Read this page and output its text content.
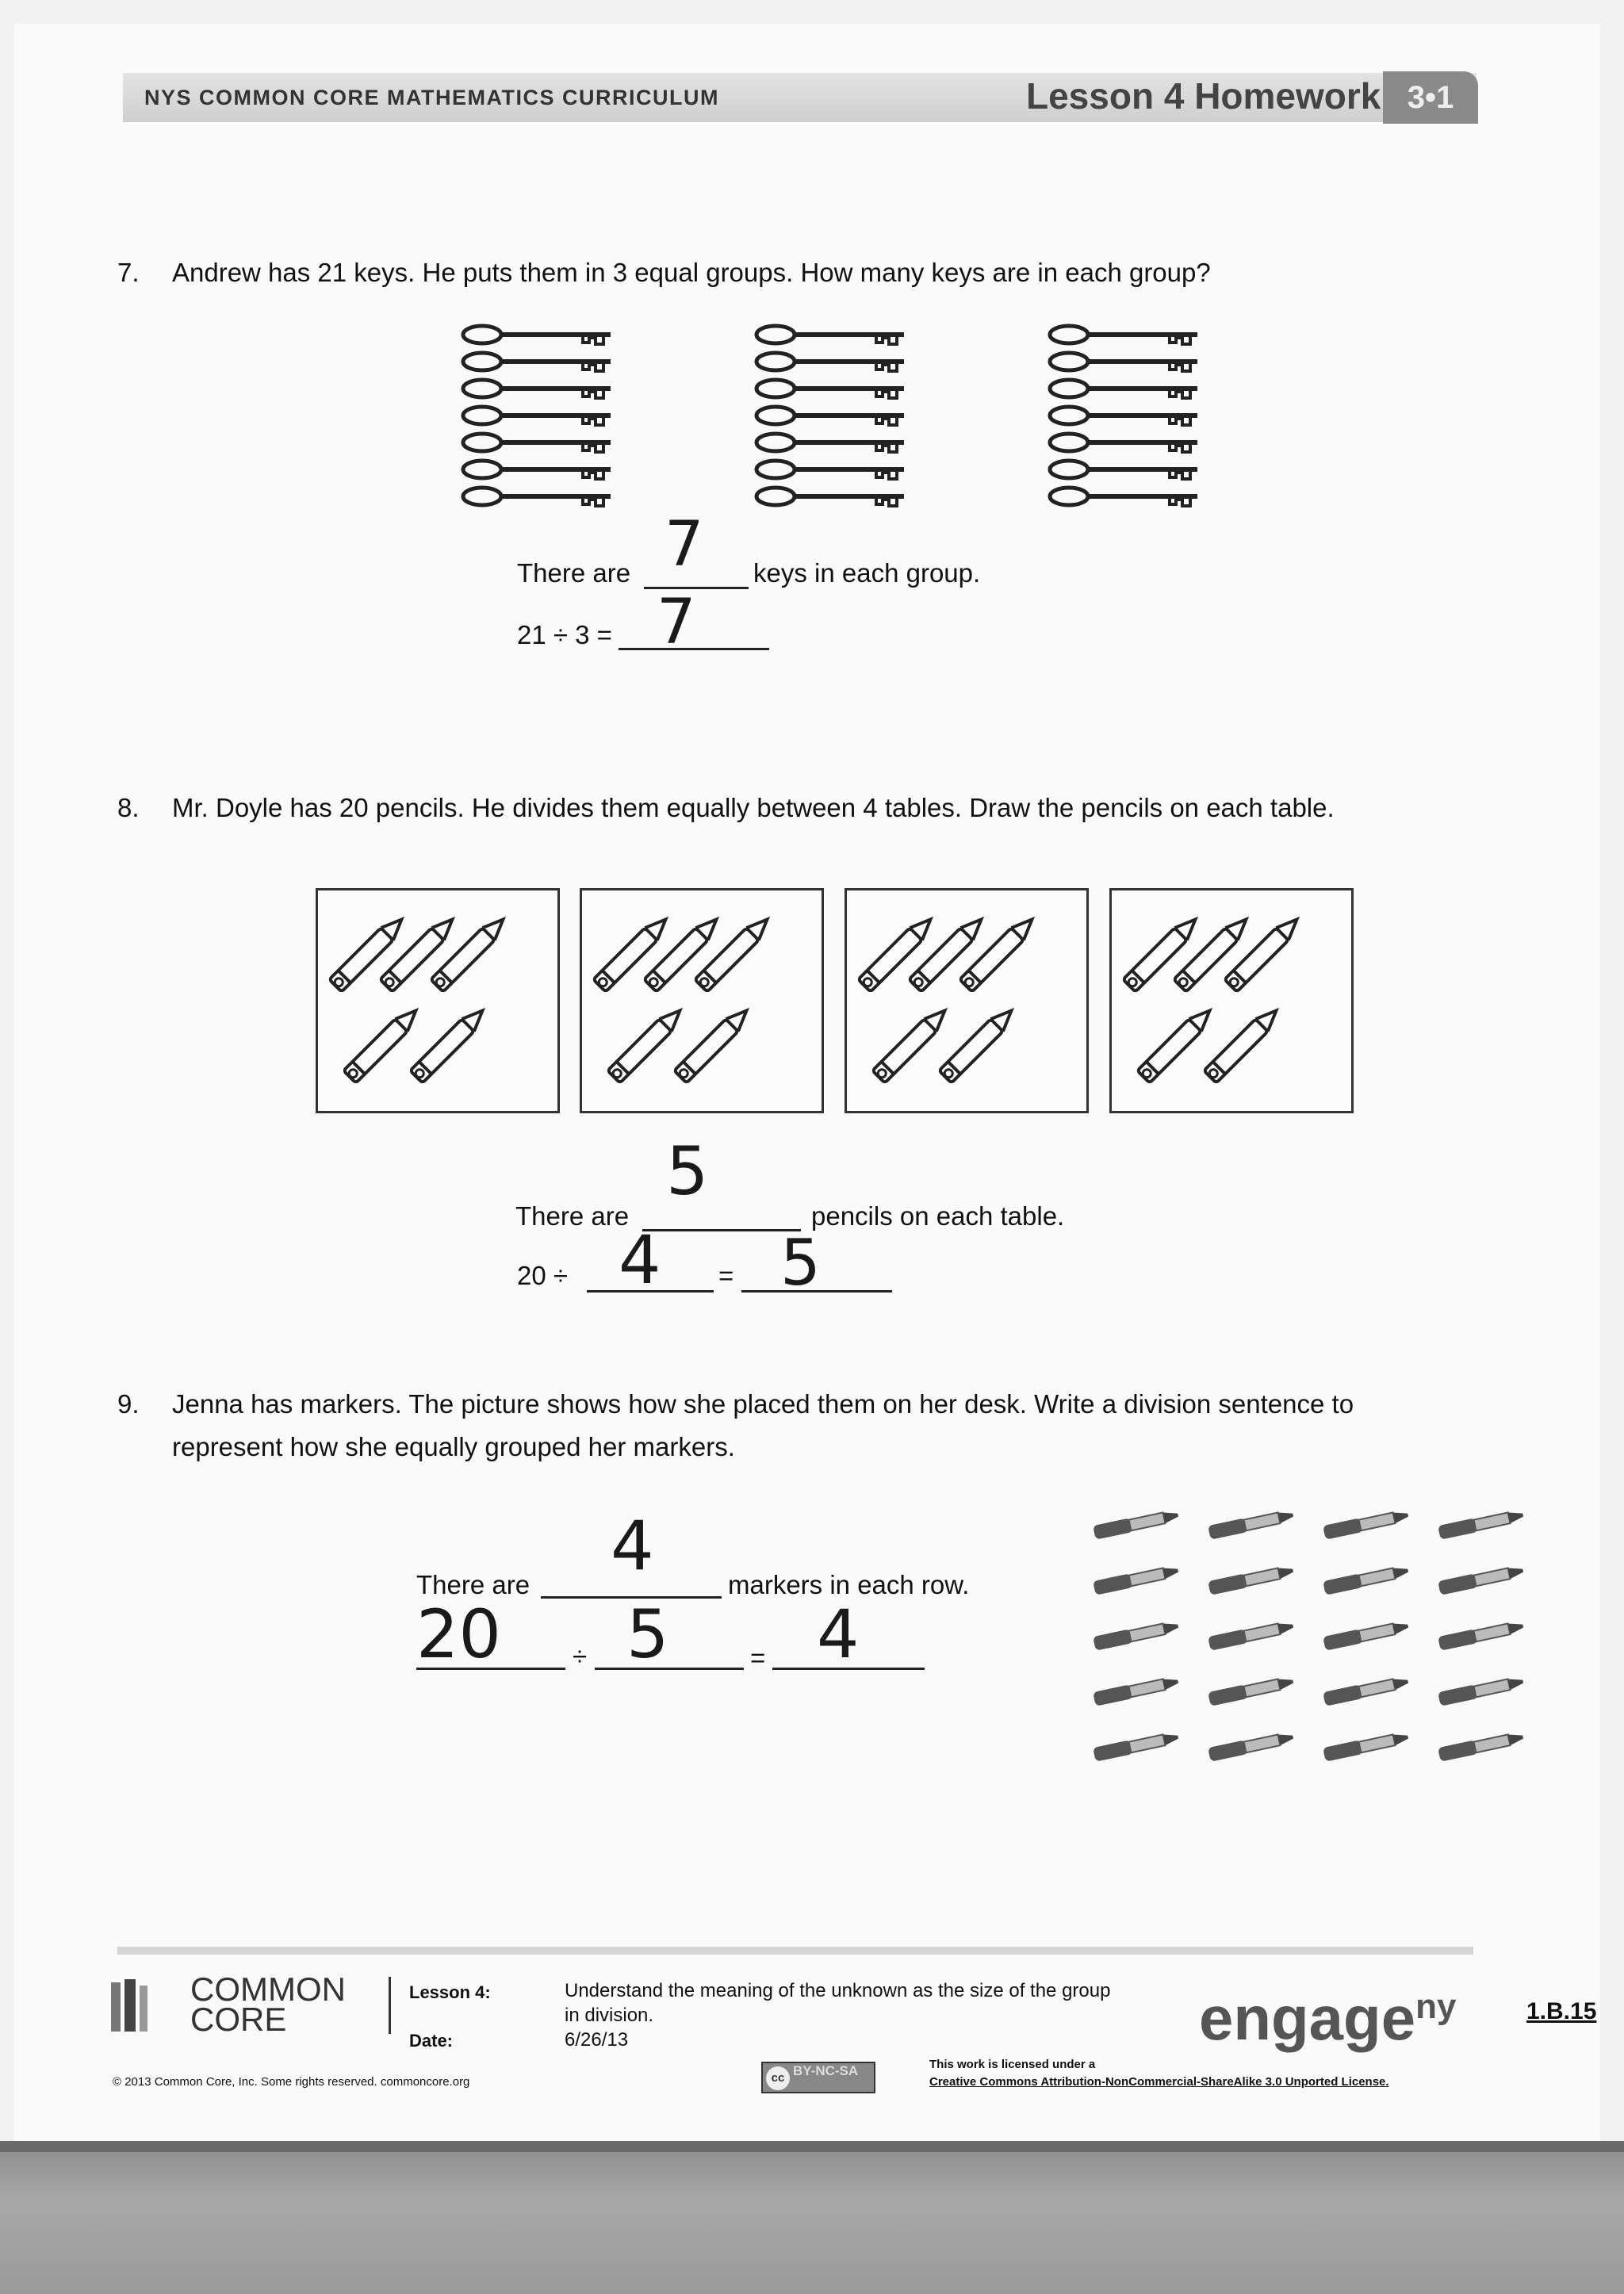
NYS COMMON CORE MATHEMATICS CURRICULUM	Lesson 4 Homework 3•1
7. Andrew has 21 keys. He puts them in 3 equal groups. How many keys are in each group?
There are 7 keys in each group.
21 ÷ 3 = 7
8. Mr. Doyle has 20 pencils. He divides them equally between 4 tables. Draw the pencils on each table.
5
There are	pencils on each table.
20 ÷ 4 = 5
9. Jenna has markers. The picture shows how she placed them on her desk. Write a division sentence to
represent how she equally grouped her markers.
4
There are	markers in each row.
20	÷ 5	= 4
COMMON
CORE
Lesson 4:
Date:
Understand the meaning of the unknown as the size of the group
in division.
6/26/13	engage$^{ny}$	1.B.15
© 2013 Common Core, Inc. Some rights reserved. commoncore.org	cc BY-NC-SA	This work is licensed under a
Creative Commons Attribution-NonCommercial-ShareAlike 3.0 Unported License.
